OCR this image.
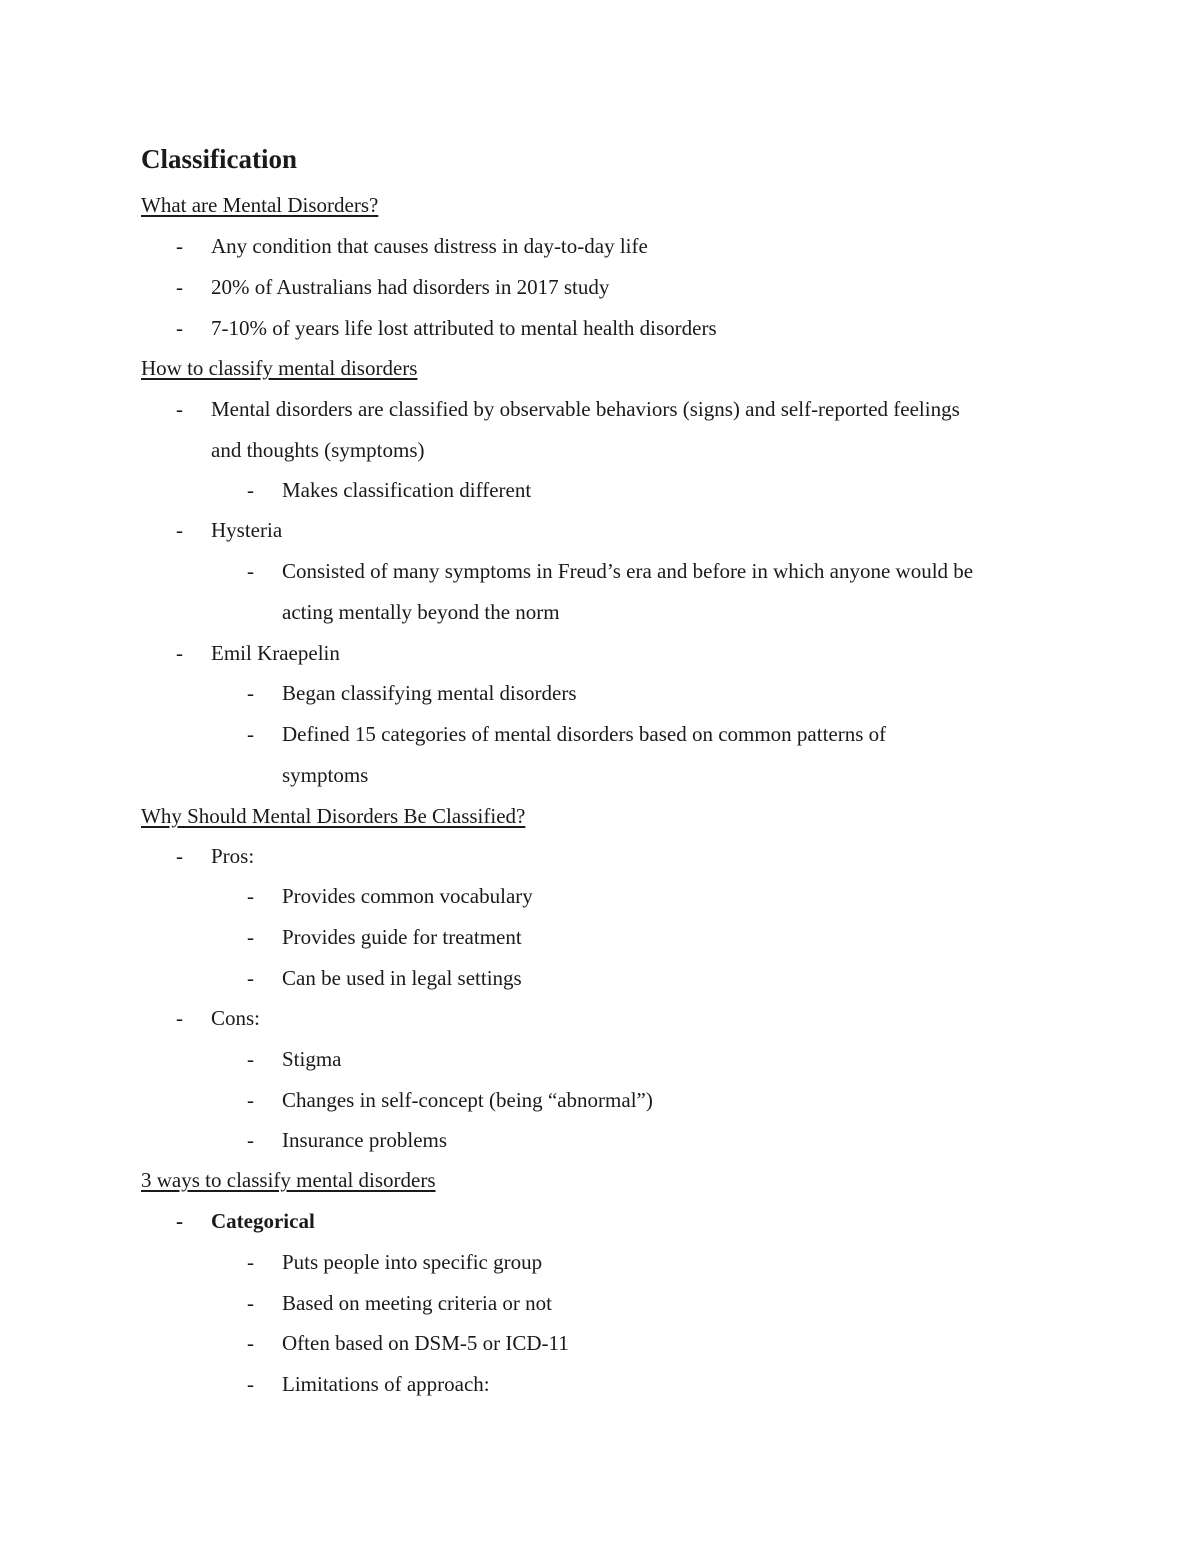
Classification
What are Mental Disorders?
- Any condition that causes distress in day-to-day life
- 20% of Australians had disorders in 2017 study
- 7-10% of years life lost attributed to mental health disorders
How to classify mental disorders
- Mental disorders are classified by observable behaviors (signs) and self-reported feelings
and thoughts (symptoms)
- Makes classification different
- Hysteria
- Consisted of many symptoms in Freud’s era and before in which anyone would be
acting mentally beyond the norm
- Emil Kraepelin
- Began classifying mental disorders
- Defined 15 categories of mental disorders based on common patterns of
symptoms
Why Should Mental Disorders Be Classified?
- Pros:
- Provides common vocabulary
- Provides guide for treatment
- Can be used in legal settings
- Cons:
- Stigma
- Changes in self-concept (being “abnormal”)
- Insurance problems
3 ways to classify mental disorders
- Categorical
- Puts people into specific group
- Based on meeting criteria or not
- Often based on DSM-5 or ICD-11
- Limitations of approach:
